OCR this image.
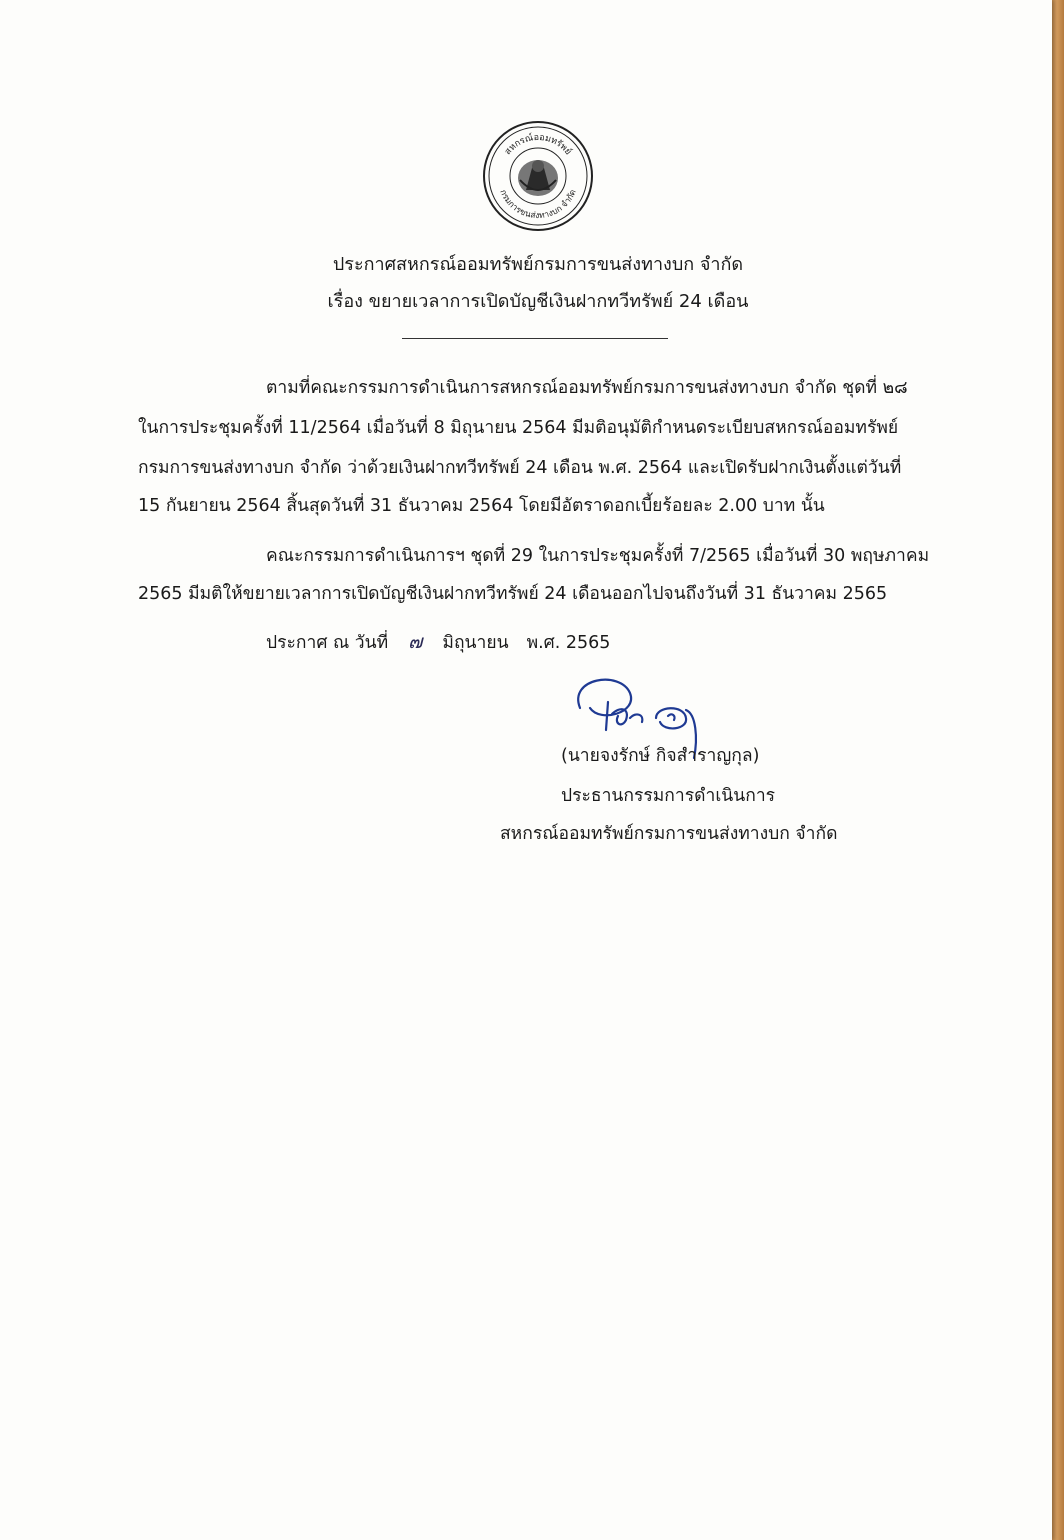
สหกรณ์ออมทรัพย์
กรมการขนส่งทางบก จำกัด
ประกาศสหกรณ์ออมทรัพย์กรมการขนส่งทางบก จำกัด
เรื่อง ขยายเวลาการเปิดบัญชีเงินฝากทวีทรัพย์ 24 เดือน
ตามที่คณะกรรมการดำเนินการสหกรณ์ออมทรัพย์กรมการขนส่งทางบก จำกัด ชุดที่ ๒๘
ในการประชุมครั้งที่ 11/2564 เมื่อวันที่ 8 มิถุนายน 2564 มีมติอนุมัติกำหนดระเบียบสหกรณ์ออมทรัพย์
กรมการขนส่งทางบก จำกัด ว่าด้วยเงินฝากทวีทรัพย์ 24 เดือน พ.ศ. 2564 และเปิดรับฝากเงินตั้งแต่วันที่
15 กันยายน 2564 สิ้นสุดวันที่ 31 ธันวาคม 2564 โดยมีอัตราดอกเบี้ยร้อยละ 2.00 บาท นั้น
คณะกรรมการดำเนินการฯ ชุดที่ 29 ในการประชุมครั้งที่ 7/2565 เมื่อวันที่ 30 พฤษภาคม
2565 มีมติให้ขยายเวลาการเปิดบัญชีเงินฝากทวีทรัพย์ 24 เดือนออกไปจนถึงวันที่ 31 ธันวาคม 2565
ประกาศ ณ วันที่ ๗ มิถุนายน พ.ศ. 2565
(นายจงรักษ์ กิจสำราญกุล)
ประธานกรรมการดำเนินการ
สหกรณ์ออมทรัพย์กรมการขนส่งทางบก จำกัด
